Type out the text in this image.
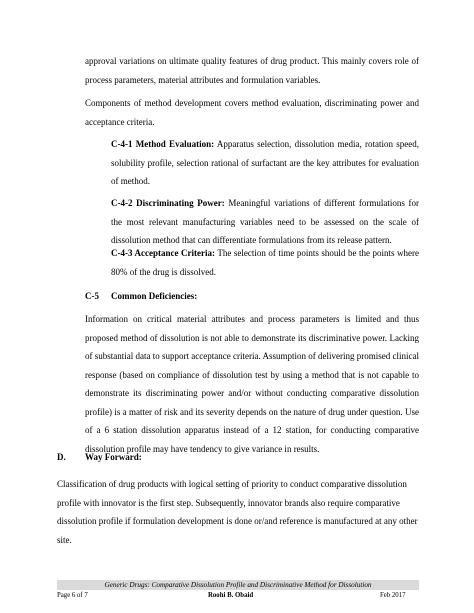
approval variations on ultimate quality features of drug product. This mainly covers role of process parameters, material attributes and formulation variables.
Components of method development covers method evaluation, discriminating power and acceptance criteria.
C-4-1 Method Evaluation: Apparatus selection, dissolution media, rotation speed, solubility profile, selection rational of surfactant are the key attributes for evaluation of method.
C-4-2 Discriminating Power: Meaningful variations of different formulations for the most relevant manufacturing variables need to be assessed on the scale of dissolution method that can differentiate formulations from its release pattern.
C-4-3 Acceptance Criteria: The selection of time points should be the points where 80% of the drug is dissolved.
C-5 Common Deficiencies:
Information on critical material attributes and process parameters is limited and thus proposed method of dissolution is not able to demonstrate its discriminative power. Lacking of substantial data to support acceptance criteria. Assumption of delivering promised clinical response (based on compliance of dissolution test by using a method that is not capable to demonstrate its discriminating power and/or without conducting comparative dissolution profile) is a matter of risk and its severity depends on the nature of drug under question. Use of a 6 station dissolution apparatus instead of a 12 station, for conducting comparative dissolution profile may have tendency to give variance in results.
D. Way Forward:
Classification of drug products with logical setting of priority to conduct comparative dissolution profile with innovator is the first step. Subsequently, innovator brands also require comparative dissolution profile if formulation development is done or/and reference is manufactured at any other site.
Generic Drugs: Comparative Dissolution Profile and Discriminative Method for Dissolution
Page 6 of 7	Roohi B. Obaid	Feb 2017
